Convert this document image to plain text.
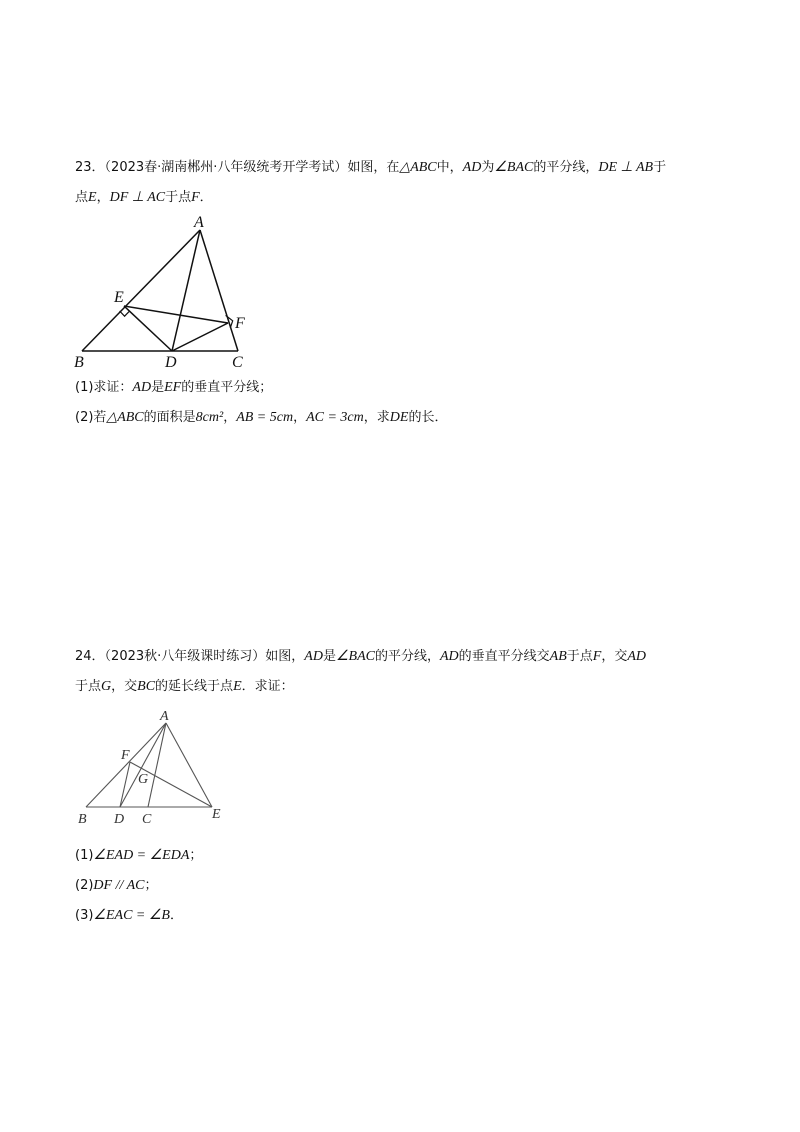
23．（2023春·湖南郴州·八年级统考开学考试）如图，在△ABC中，AD为∠BAC的平分线，DE ⊥ AB于
点E，DF ⊥ AC于点F．
A
B	C
D
E
F
(1)求证：AD是EF的垂直平分线；
(2)若△ABC的面积是8cm²，AB = 5cm，AC = 3cm，求DE的长．
24．（2023秋·八年级课时练习）如图，AD是∠BAC的平分线，AD的垂直平分线交AB于点F，交AD
于点G，交BC的延长线于点E．求证：
A
B	C
D	E
F
G
(1)∠EAD = ∠EDA；
(2)DF // AC；
(3)∠EAC = ∠B．
